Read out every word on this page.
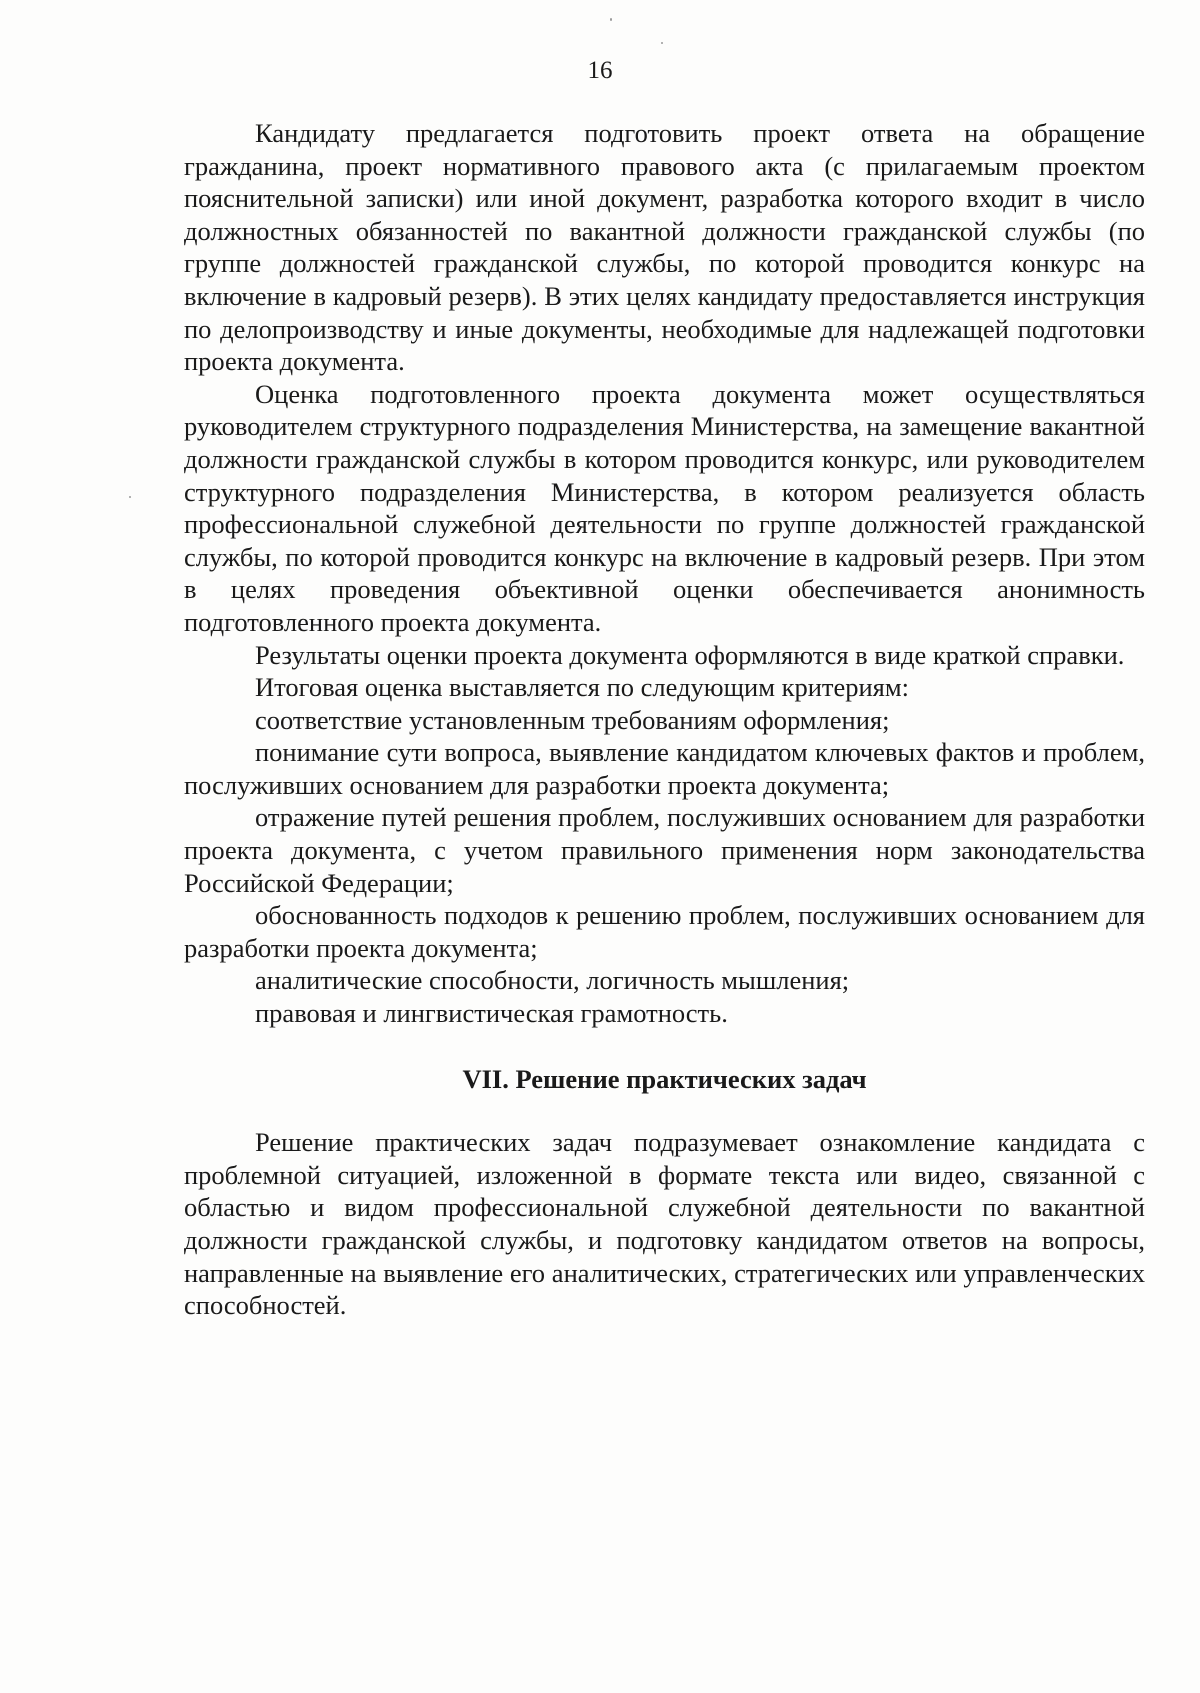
16

Кандидату предлагается подготовить проект ответа на обращение гражданина, проект нормативного правового акта (с прилагаемым проектом пояснительной записки) или иной документ, разработка которого входит в число должностных обязанностей по вакантной должности гражданской службы (по группе должностей гражданской службы, по которой проводится конкурс на включение в кадровый резерв). В этих целях кандидату предоставляется инструкция по делопроизводству и иные документы, необходимые для надлежащей подготовки проекта документа.

Оценка подготовленного проекта документа может осуществляться руководителем структурного подразделения Министерства, на замещение вакантной должности гражданской службы в котором проводится конкурс, или руководителем структурного подразделения Министерства, в котором реализуется область профессиональной служебной деятельности по группе должностей гражданской службы, по которой проводится конкурс на включение в кадровый резерв. При этом в целях проведения объективной оценки обеспечивается анонимность подготовленного проекта документа.

Результаты оценки проекта документа оформляются в виде краткой справки.

Итоговая оценка выставляется по следующим критериям:

соответствие установленным требованиям оформления;

понимание сути вопроса, выявление кандидатом ключевых фактов и проблем, послуживших основанием для разработки проекта документа;

отражение путей решения проблем, послуживших основанием для разработки проекта документа, с учетом правильного применения норм законодательства Российской Федерации;

обоснованность подходов к решению проблем, послуживших основанием для разработки проекта документа;

аналитические способности, логичность мышления;

правовая и лингвистическая грамотность.

VII. Решение практических задач

Решение практических задач подразумевает ознакомление кандидата с проблемной ситуацией, изложенной в формате текста или видео, связанной с областью и видом профессиональной служебной деятельности по вакантной должности гражданской службы, и подготовку кандидатом ответов на вопросы, направленные на выявление его аналитических, стратегических или управленческих способностей.
